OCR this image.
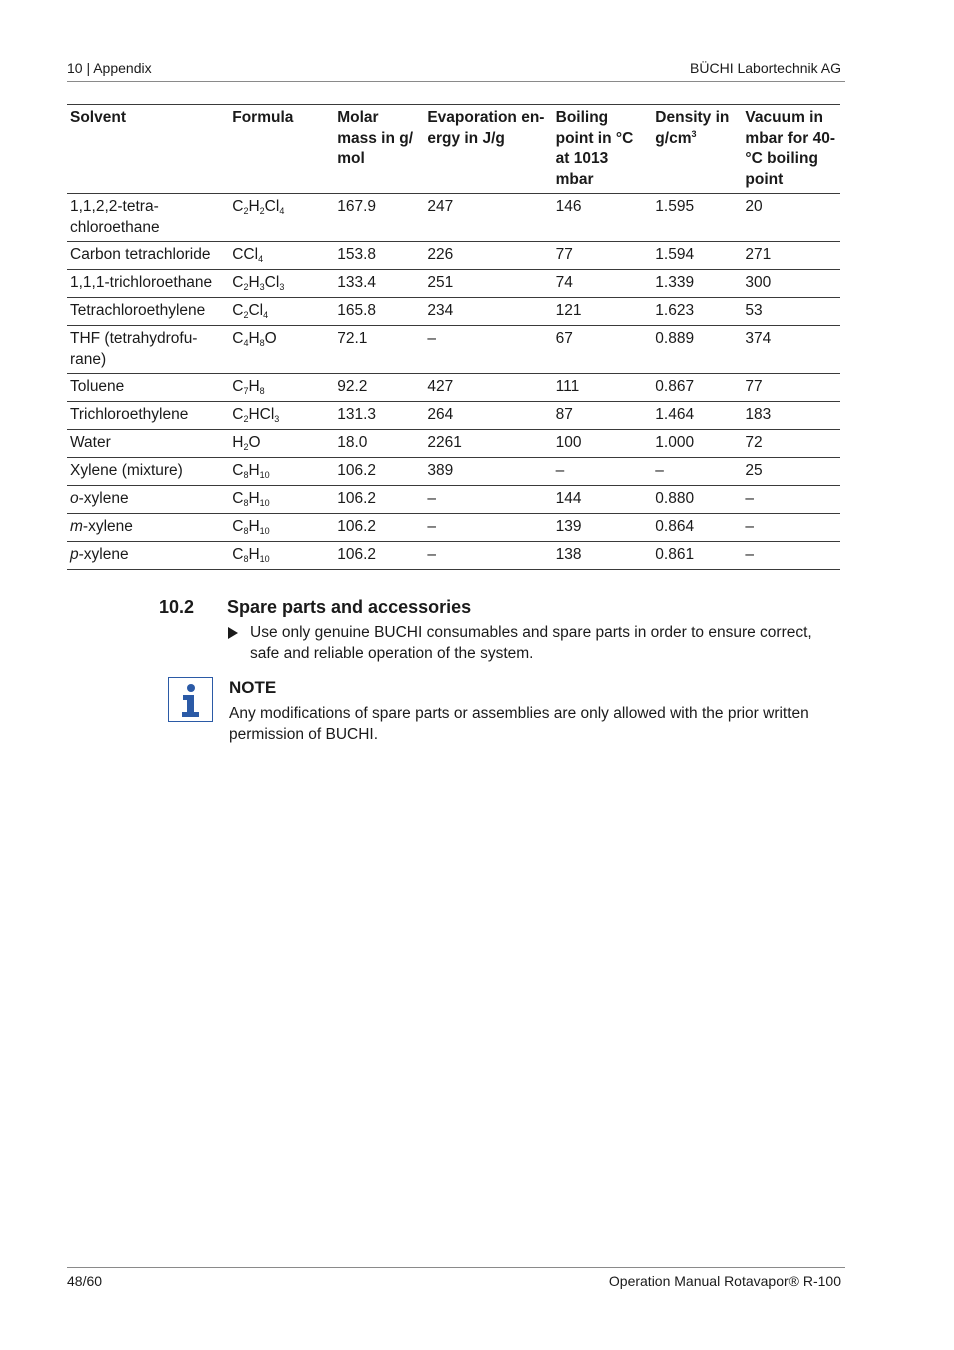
10 | Appendix	BÜCHI Labortechnik AG
Solvent	Formula	Molar mass in g/ mol	Evaporation en- ergy in J/g	Boiling point in °C at 1013 mbar	Density in $g/cm^3$	Vacuum in mbar for 40- °C boiling point
1,1,2,2-tetra- chloroethane	$C_2H_2Cl_4$	167.9	247	146	1.595	20
Carbon tetrachloride	CCl$_4$	153.8	226	77	1.594	271
1,1,1-trichloroethane	$C_2H_3Cl_3$	133.4	251	74	1.339	300
Tetrachloroethylene	$C_2Cl_4$	165.8	234	121	1.623	53
THF (tetrahydrofu- rane)	$C_4H_8O$	72.1	–	67	0.889	374
Toluene	$C_7H_8$	92.2	427	111	0.867	77
Trichloroethylene	$C_2HCl_3$	131.3	264	87	1.464	183
Water	$H_2O$	18.0	2261	100	1.000	72
Xylene (mixture)	$C_8H_{10}$	106.2	389	–	–	25
o-xylene	$C_8H_{10}$	106.2	–	144	0.880	–
m-xylene	$C_8H_{10}$	106.2	–	139	0.864	–
p-xylene	$C_8H_{10}$	106.2	–	138	0.861	–
10.2 Spare parts and accessories
Use only genuine BUCHI consumables and spare parts in order to ensure correct, safe and reliable operation of the system.
NOTE
Any modifications of spare parts or assemblies are only allowed with the prior written permission of BUCHI.
48/60	Operation Manual Rotavapor® R-100
